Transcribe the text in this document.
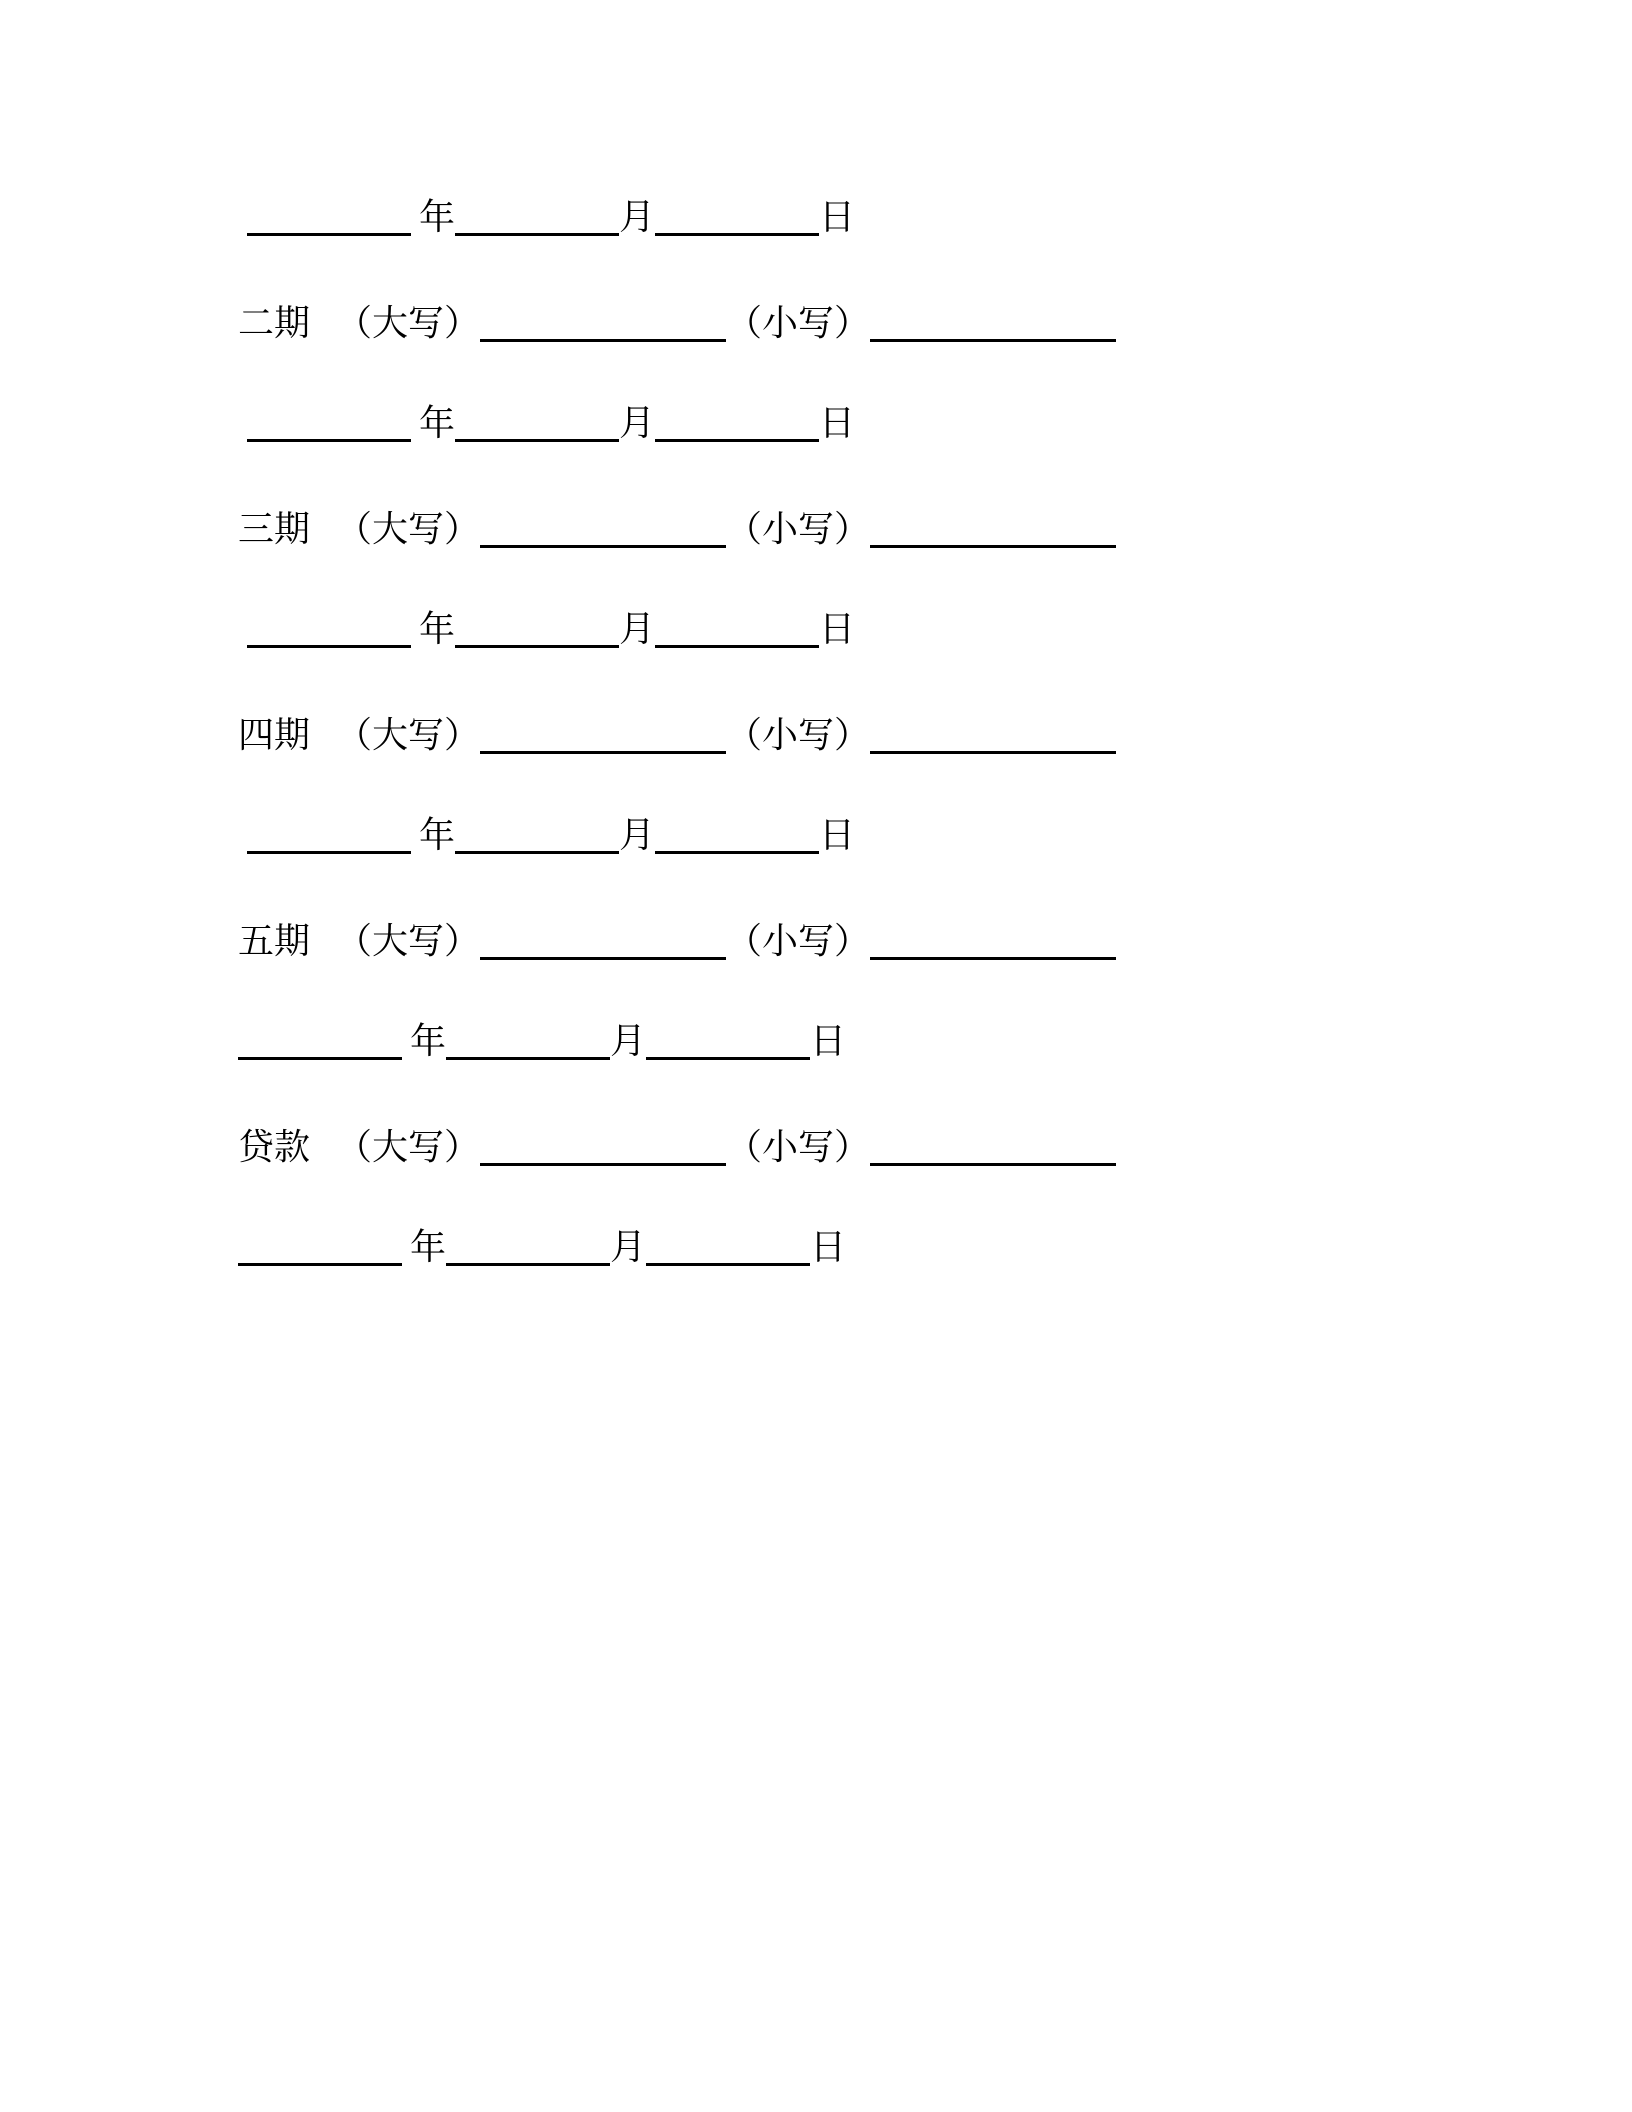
年	月	日
二期 （大写）	（小写）
年	月	日
三期 （大写）	（小写）
年	月	日
四期 （大写）	（小写）
年	月	日
五期 （大写）	（小写）
年	月	日
贷款 （大写）	（小写）
年	月	日
